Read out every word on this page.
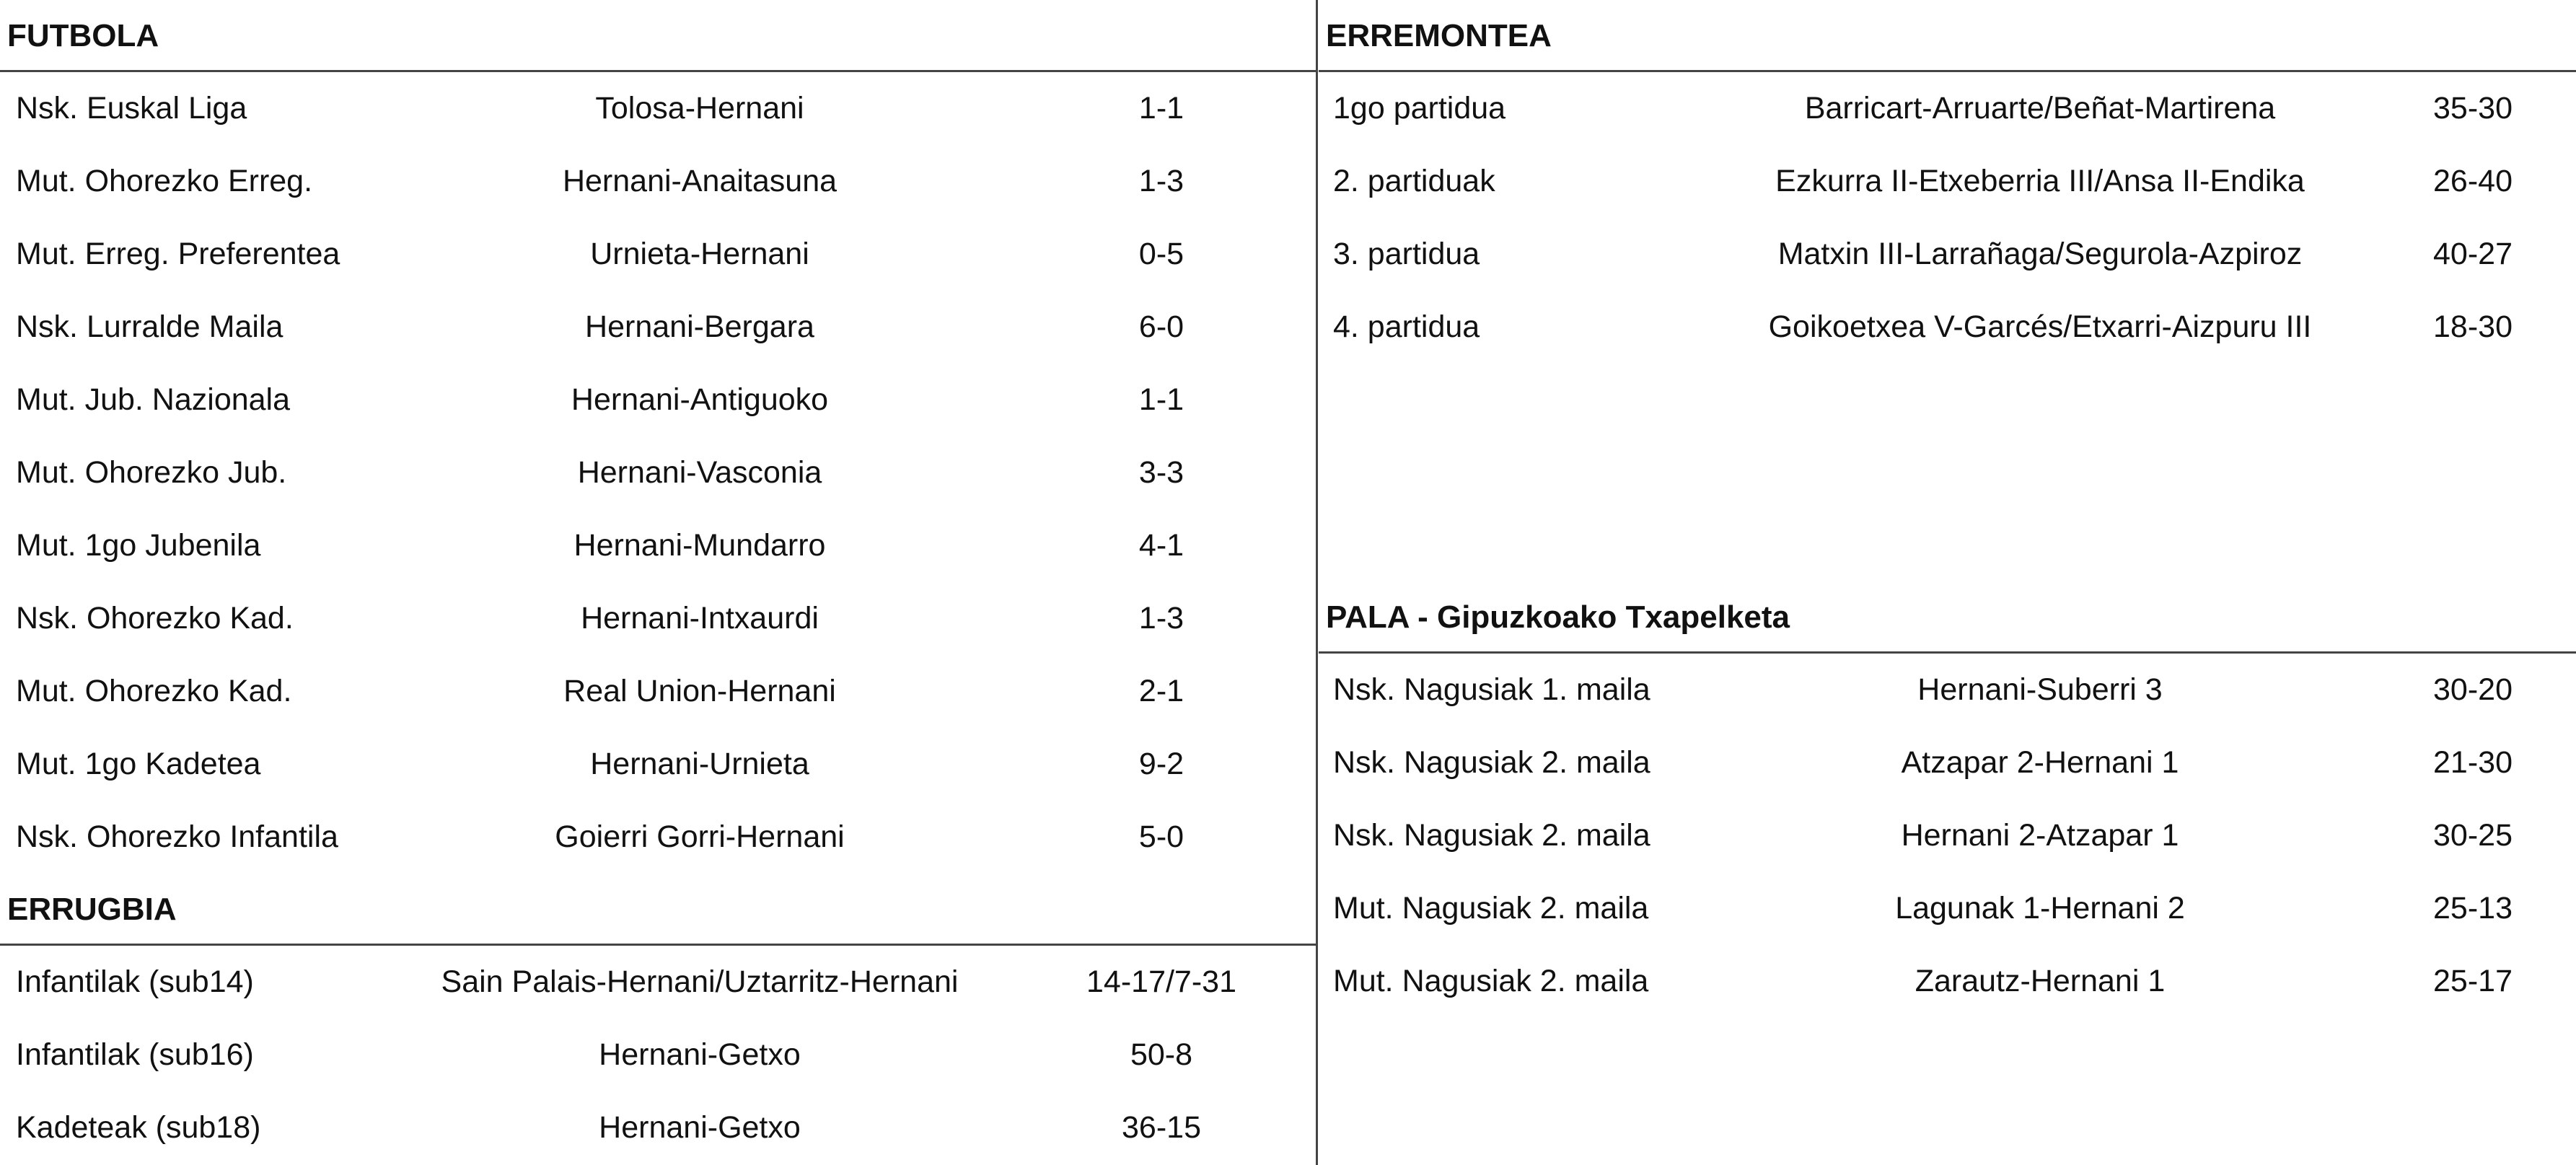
FUTBOLA
Nsk. Euskal Liga	Tolosa-Hernani	1-1
Mut. Ohorezko Erreg.	Hernani-Anaitasuna	1-3
Mut. Erreg. Preferentea	Urnieta-Hernani	0-5
Nsk. Lurralde Maila	Hernani-Bergara	6-0
Mut. Jub. Nazionala	Hernani-Antiguoko	1-1
Mut. Ohorezko Jub.	Hernani-Vasconia	3-3
Mut. 1go Jubenila	Hernani-Mundarro	4-1
Nsk. Ohorezko Kad.	Hernani-Intxaurdi	1-3
Mut. Ohorezko Kad.	Real Union-Hernani	2-1
Mut. 1go Kadetea	Hernani-Urnieta	9-2
Nsk. Ohorezko Infantila	Goierri Gorri-Hernani	5-0
ERRUGBIA
Infantilak (sub14)	Sain Palais-Hernani/Uztarritz-Hernani	14-17/7-31
Infantilak (sub16)	Hernani-Getxo	50-8
Kadeteak (sub18)	Hernani-Getxo	36-15
ERREMONTEA
1go partidua	Barricart-Arruarte/Beñat-Martirena	35-30
2. partiduak	Ezkurra II-Etxeberria III/Ansa II-Endika	26-40
3. partidua	Matxin III-Larrañaga/Segurola-Azpiroz	40-27
4. partidua	Goikoetxea V-Garcés/Etxarri-Aizpuru III	18-30
PALA - Gipuzkoako Txapelketa
Nsk. Nagusiak 1. maila	Hernani-Suberri 3	30-20
Nsk. Nagusiak 2. maila	Atzapar 2-Hernani 1	21-30
Nsk. Nagusiak 2. maila	Hernani 2-Atzapar 1	30-25
Mut. Nagusiak 2. maila	Lagunak 1-Hernani 2	25-13
Mut. Nagusiak 2. maila	Zarautz-Hernani 1	25-17
